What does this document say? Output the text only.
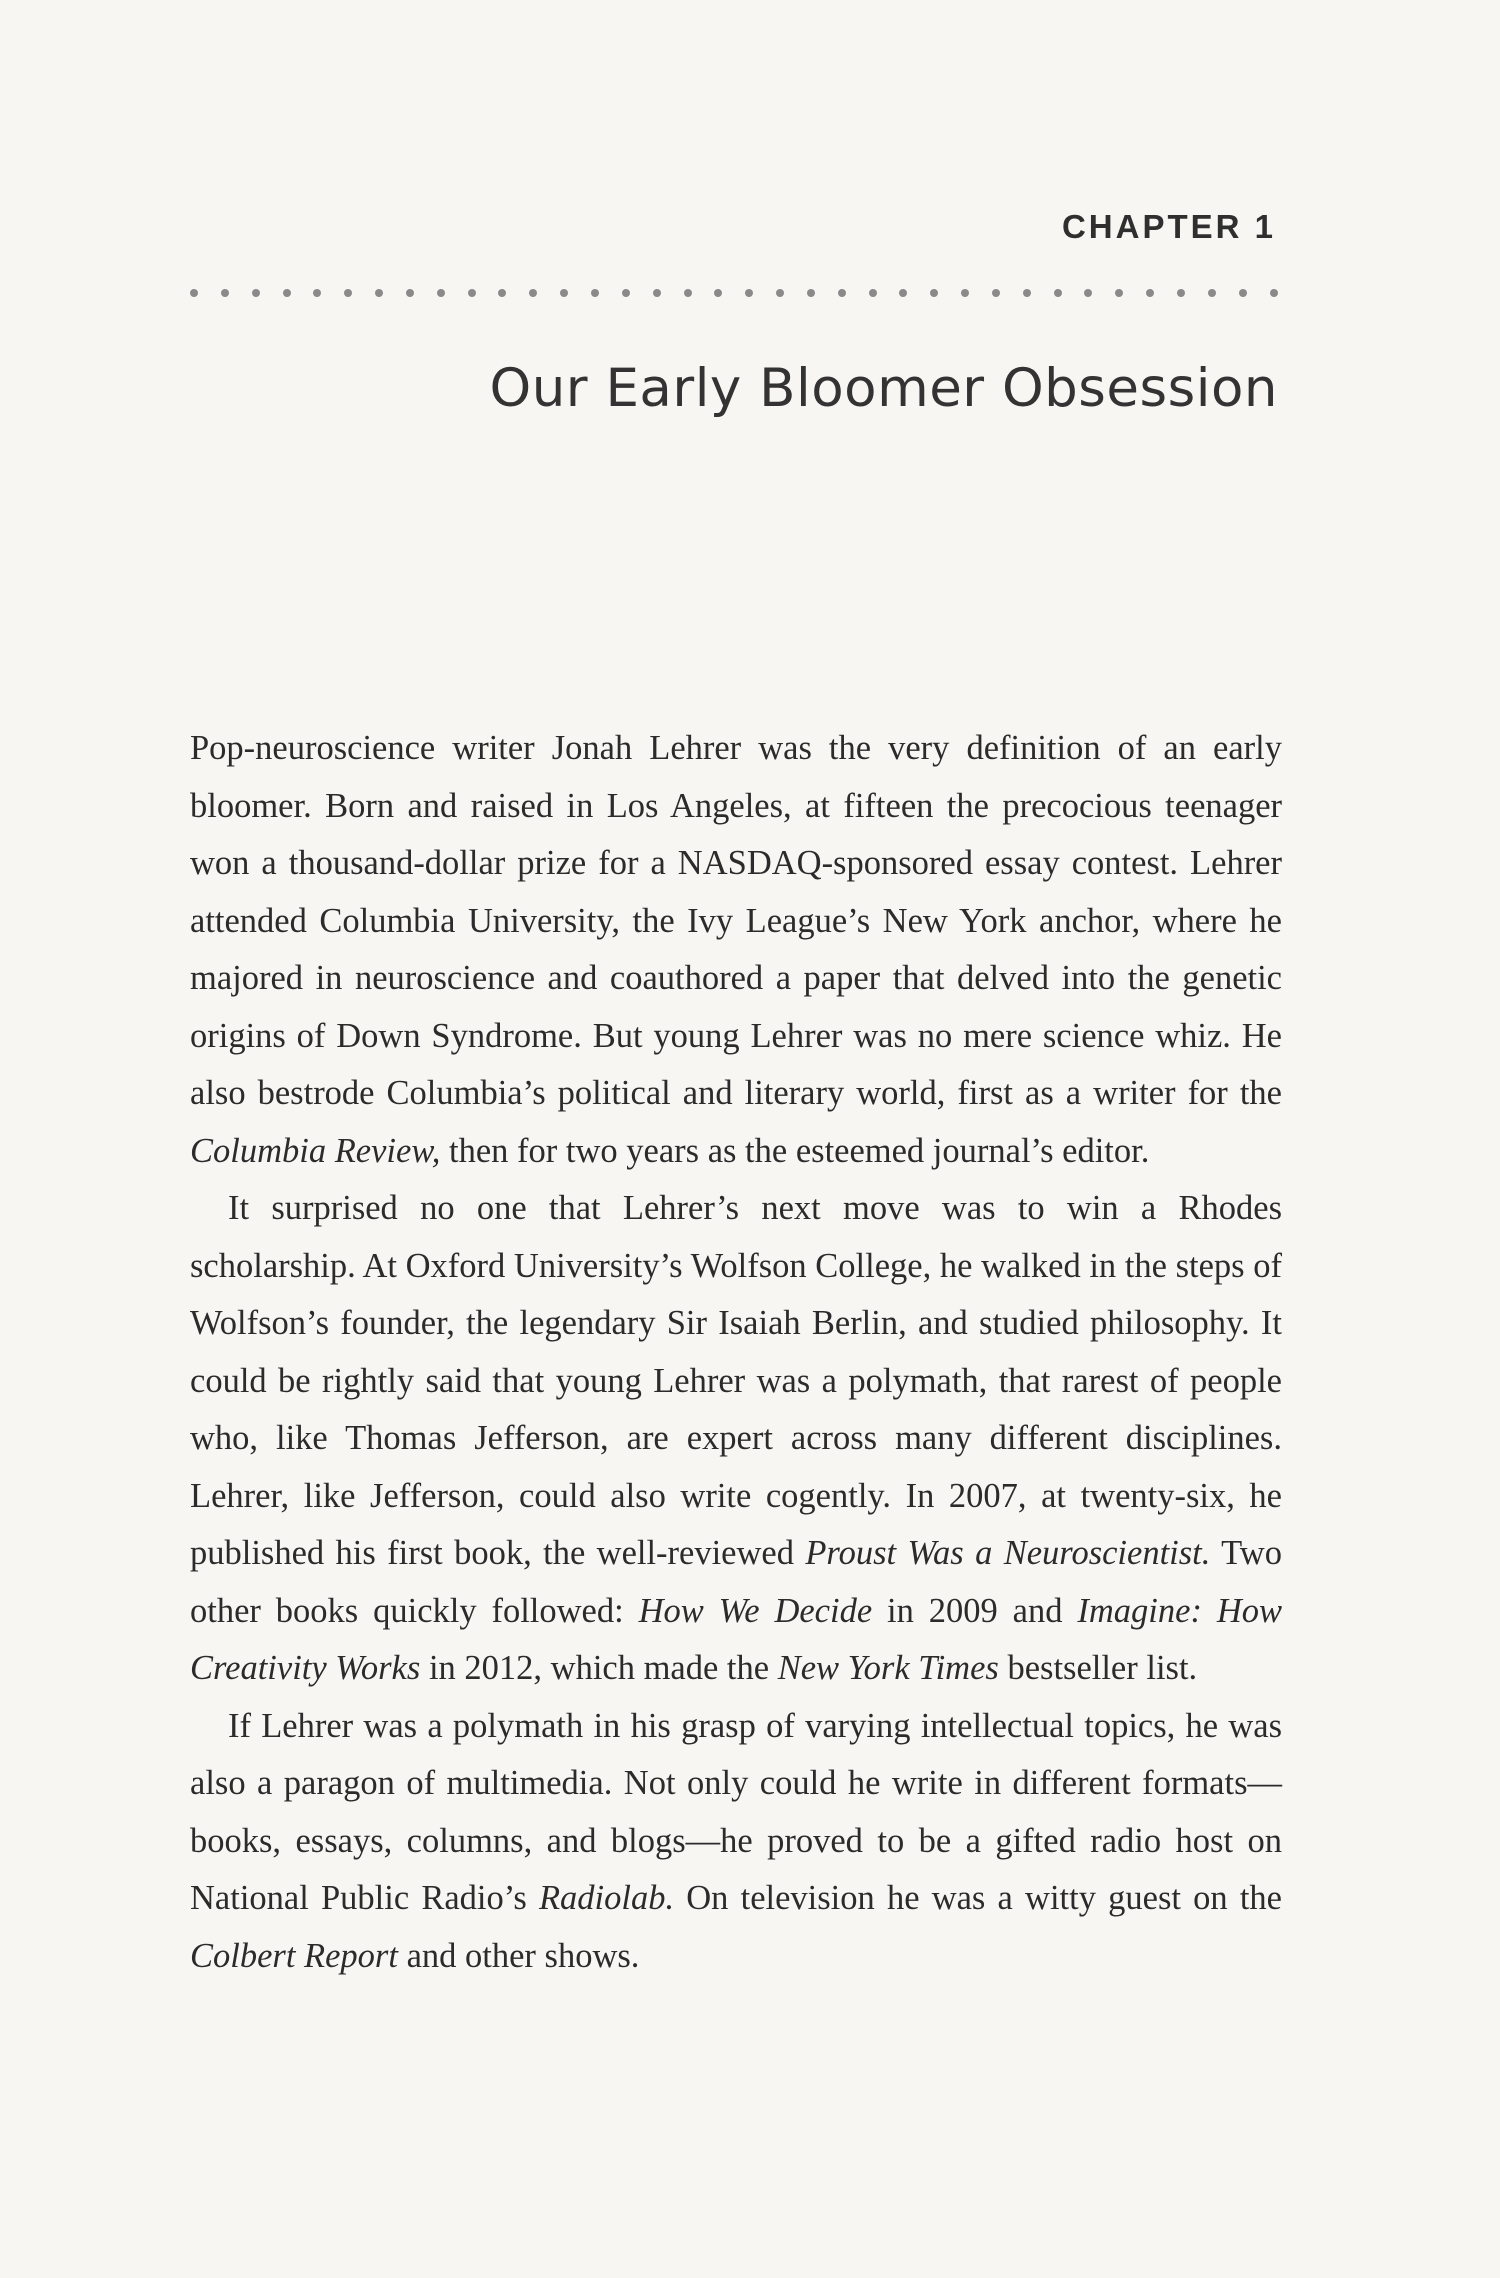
CHAPTER 1
Our Early Bloomer Obsession

Pop-neuroscience writer Jonah Lehrer was the very definition of an early bloomer. Born and raised in Los Angeles, at fifteen the precocious teenager won a thousand-dollar prize for a NASDAQ-sponsored essay contest. Lehrer attended Columbia University, the Ivy League’s New York anchor, where he majored in neuroscience and coauthored a paper that delved into the genetic origins of Down Syndrome. But young Lehrer was no mere science whiz. He also bestrode Columbia’s political and literary world, first as a writer for the Columbia Review, then for two years as the esteemed journal’s editor.

It surprised no one that Lehrer’s next move was to win a Rhodes scholarship. At Oxford University’s Wolfson College, he walked in the steps of Wolfson’s founder, the legendary Sir Isaiah Berlin, and studied philosophy. It could be rightly said that young Lehrer was a polymath, that rarest of people who, like Thomas Jefferson, are expert across many different disciplines. Lehrer, like Jefferson, could also write cogently. In 2007, at twenty-six, he published his first book, the well-reviewed Proust Was a Neuroscientist. Two other books quickly followed: How We Decide in 2009 and Imagine: How Creativity Works in 2012, which made the New York Times bestseller list.

If Lehrer was a polymath in his grasp of varying intellectual topics, he was also a paragon of multimedia. Not only could he write in different formats—books, essays, columns, and blogs—he proved to be a gifted radio host on National Public Radio’s Radiolab. On television he was a witty guest on the Colbert Report and other shows.
